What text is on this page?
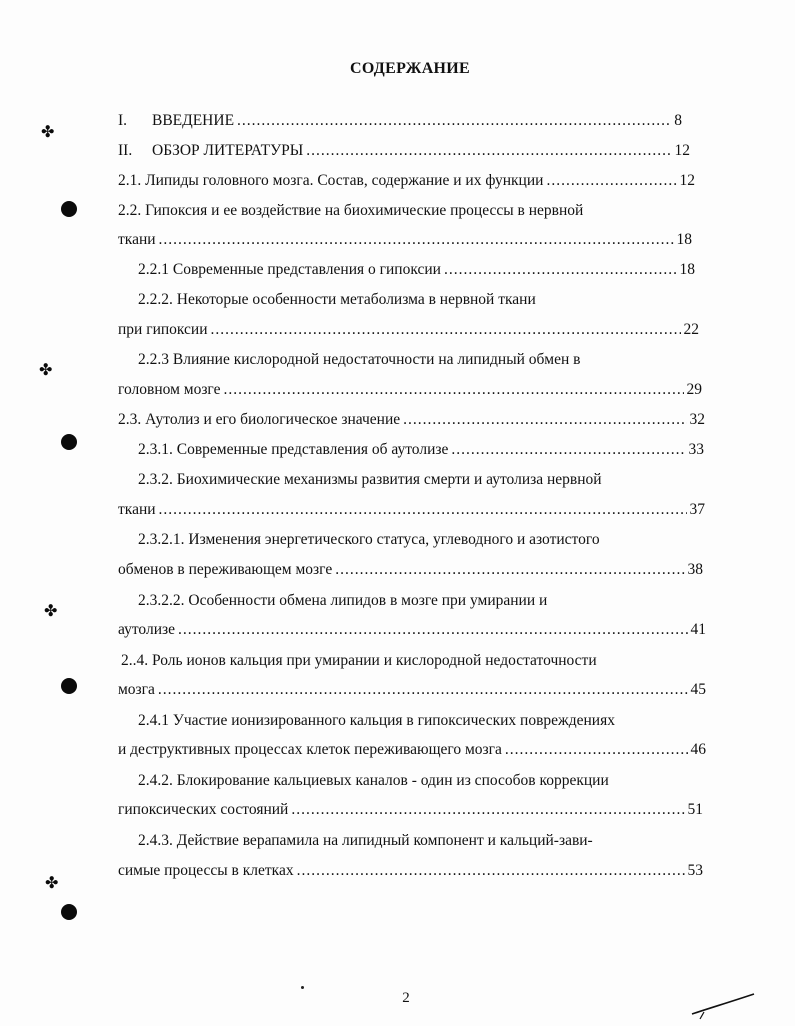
СОДЕРЖАНИЕ
I. ВВЕДЕНИЕ .....	8
II. ОБЗОР ЛИТЕРАТУРЫ .....	12
2.1. Липиды головного мозга. Состав, содержание и их функции .....	12
2.2. Гипоксия и ее воздействие на биохимические процессы в нервной
ткани .....	18
2.2.1 Современные представления о гипоксии .....	18
2.2.2. Некоторые особенности метаболизма в нервной ткани
при гипоксии .....	22
2.2.3 Влияние кислородной недостаточности на липидный обмен в
головном мозге .....	29
2.3. Аутолиз и его биологическое значение .....	32
2.3.1. Современные представления об аутолизе .....	33
2.3.2. Биохимические механизмы развития смерти и аутолиза нервной
ткани .....	37
2.3.2.1. Изменения энергетического статуса, углеводного и азотистого
обменов в переживающем мозге .....	38
2.3.2.2. Особенности обмена липидов в мозге при умирании и
аутолизе .....	41
2..4. Роль ионов кальция при умирании и кислородной недостаточности
мозга .....	45
2.4.1 Участие ионизированного кальция в гипоксических повреждениях
и деструктивных процессах клеток переживающего мозга .....	46
2.4.2. Блокирование кальциевых каналов - один из способов коррекции
гипоксических состояний .....	51
2.4.3. Действие верапамила на липидный компонент и кальций-зави-
симые процессы в клетках .....	53
✤
✤
✤
✤
2
